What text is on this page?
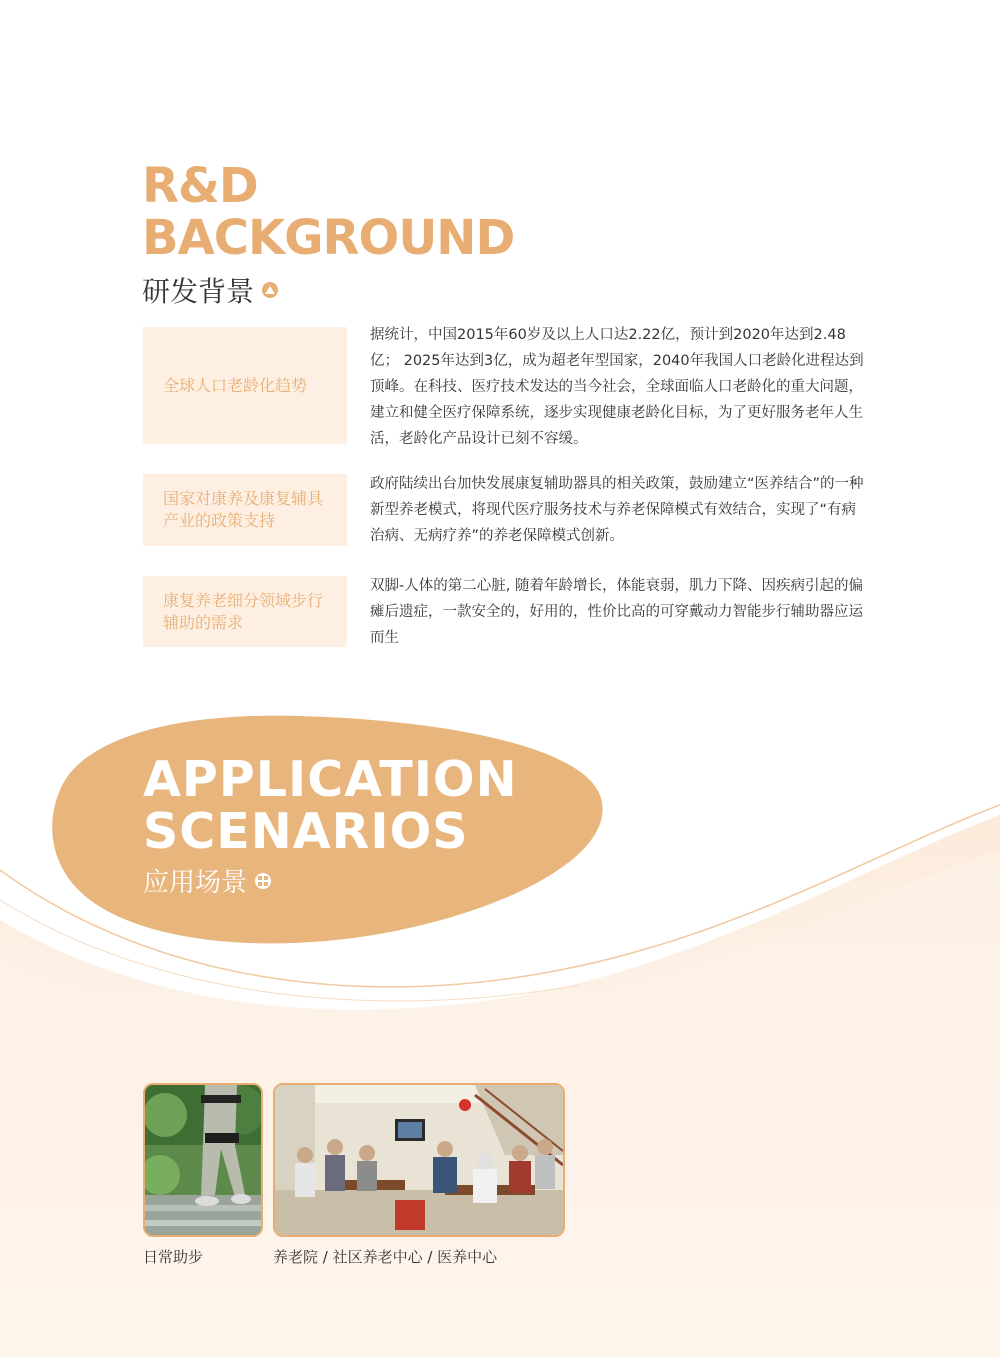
R&D
BACKGROUND
研发背景
全球人口老龄化趋势
据统计，中国2015年60岁及以上人口达2.22亿，预计到2020年达到2.48亿； 2025年达到3亿，成为超老年型国家，2040年我国人口老龄化进程达到顶峰。在科技、医疗技术发达的当今社会，全球面临人口老龄化的重大问题，建立和健全医疗保障系统，逐步实现健康老龄化目标，为了更好服务老年人生活，老龄化产品设计已刻不容缓。
国家对康养及康复辅具产业的政策支持
政府陆续出台加快发展康复辅助器具的相关政策，鼓励建立“医养结合”的一种新型养老模式，将现代医疗服务技术与养老保障模式有效结合，实现了“有病治病、无病疗养”的养老保障模式创新。
康复养老细分领域步行辅助的需求
双脚-人体的第二心脏, 随着年龄增长，体能衰弱，肌力下降、因疾病引起的偏瘫后遗症，一款安全的，好用的，性价比高的可穿戴动力智能步行辅助器应运而生
APPLICATION
SCENARIOS
应用场景
日常助步	养老院 / 社区养老中心 / 医养中心
